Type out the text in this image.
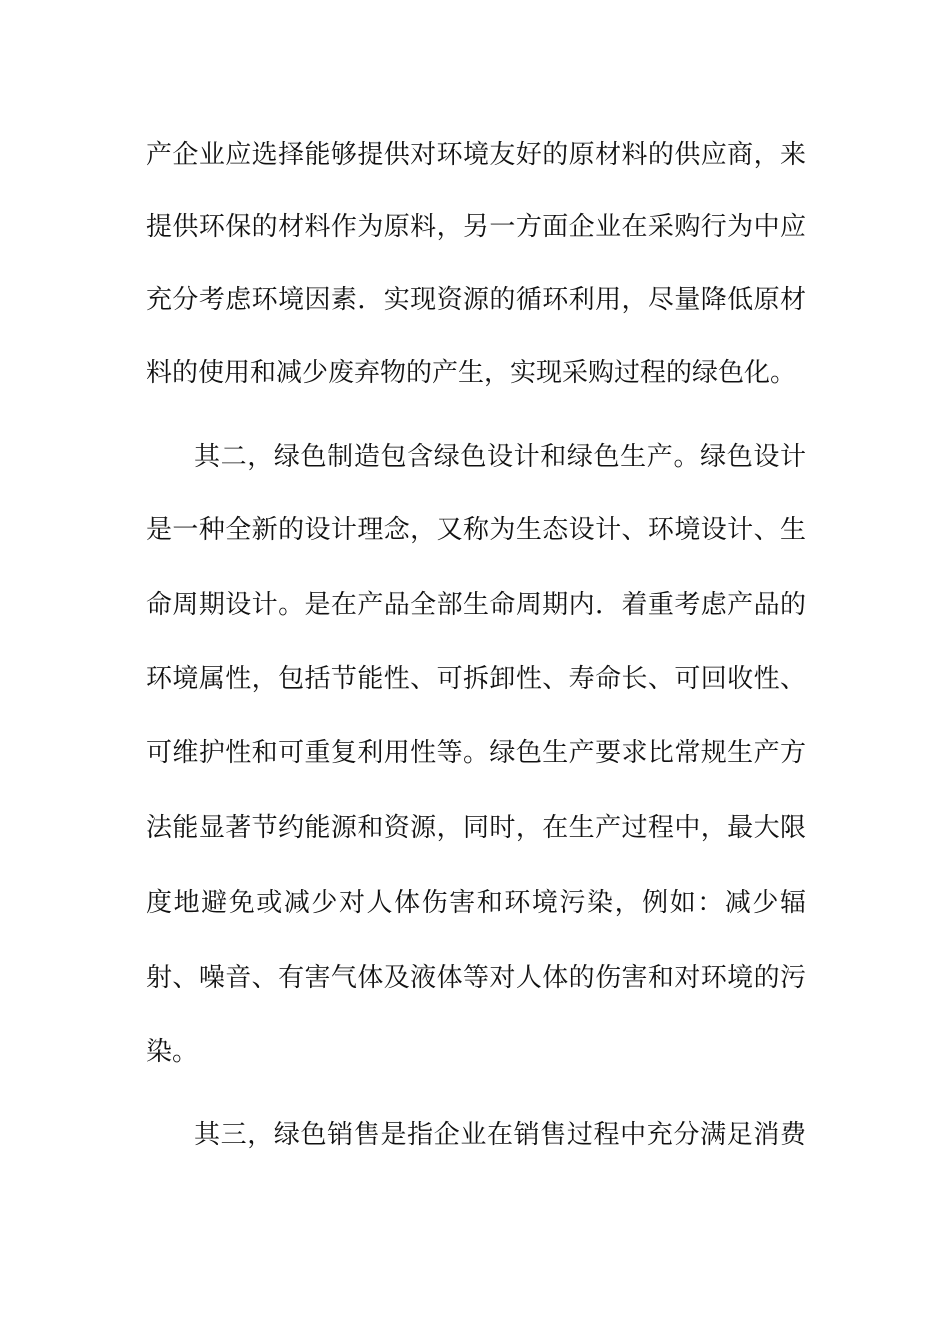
产企业应选择能够提供对环境友好的原材料的供应商，来
提供环保的材料作为原料，另一方面企业在采购行为中应
充分考虑环境因素．实现资源的循环利用，尽量降低原材
料的使用和减少废弃物的产生，实现采购过程的绿色化。
其二，绿色制造包含绿色设计和绿色生产。绿色设计
是一种全新的设计理念，又称为生态设计、环境设计、生
命周期设计。是在产品全部生命周期内．着重考虑产品的
环境属性，包括节能性、可拆卸性、寿命长、可回收性、
可维护性和可重复利用性等。绿色生产要求比常规生产方
法能显著节约能源和资源，同时，在生产过程中，最大限
度地避免或减少对人体伤害和环境污染，例如：减少辐
射、噪音、有害气体及液体等对人体的伤害和对环境的污
染。
其三，绿色销售是指企业在销售过程中充分满足消费
